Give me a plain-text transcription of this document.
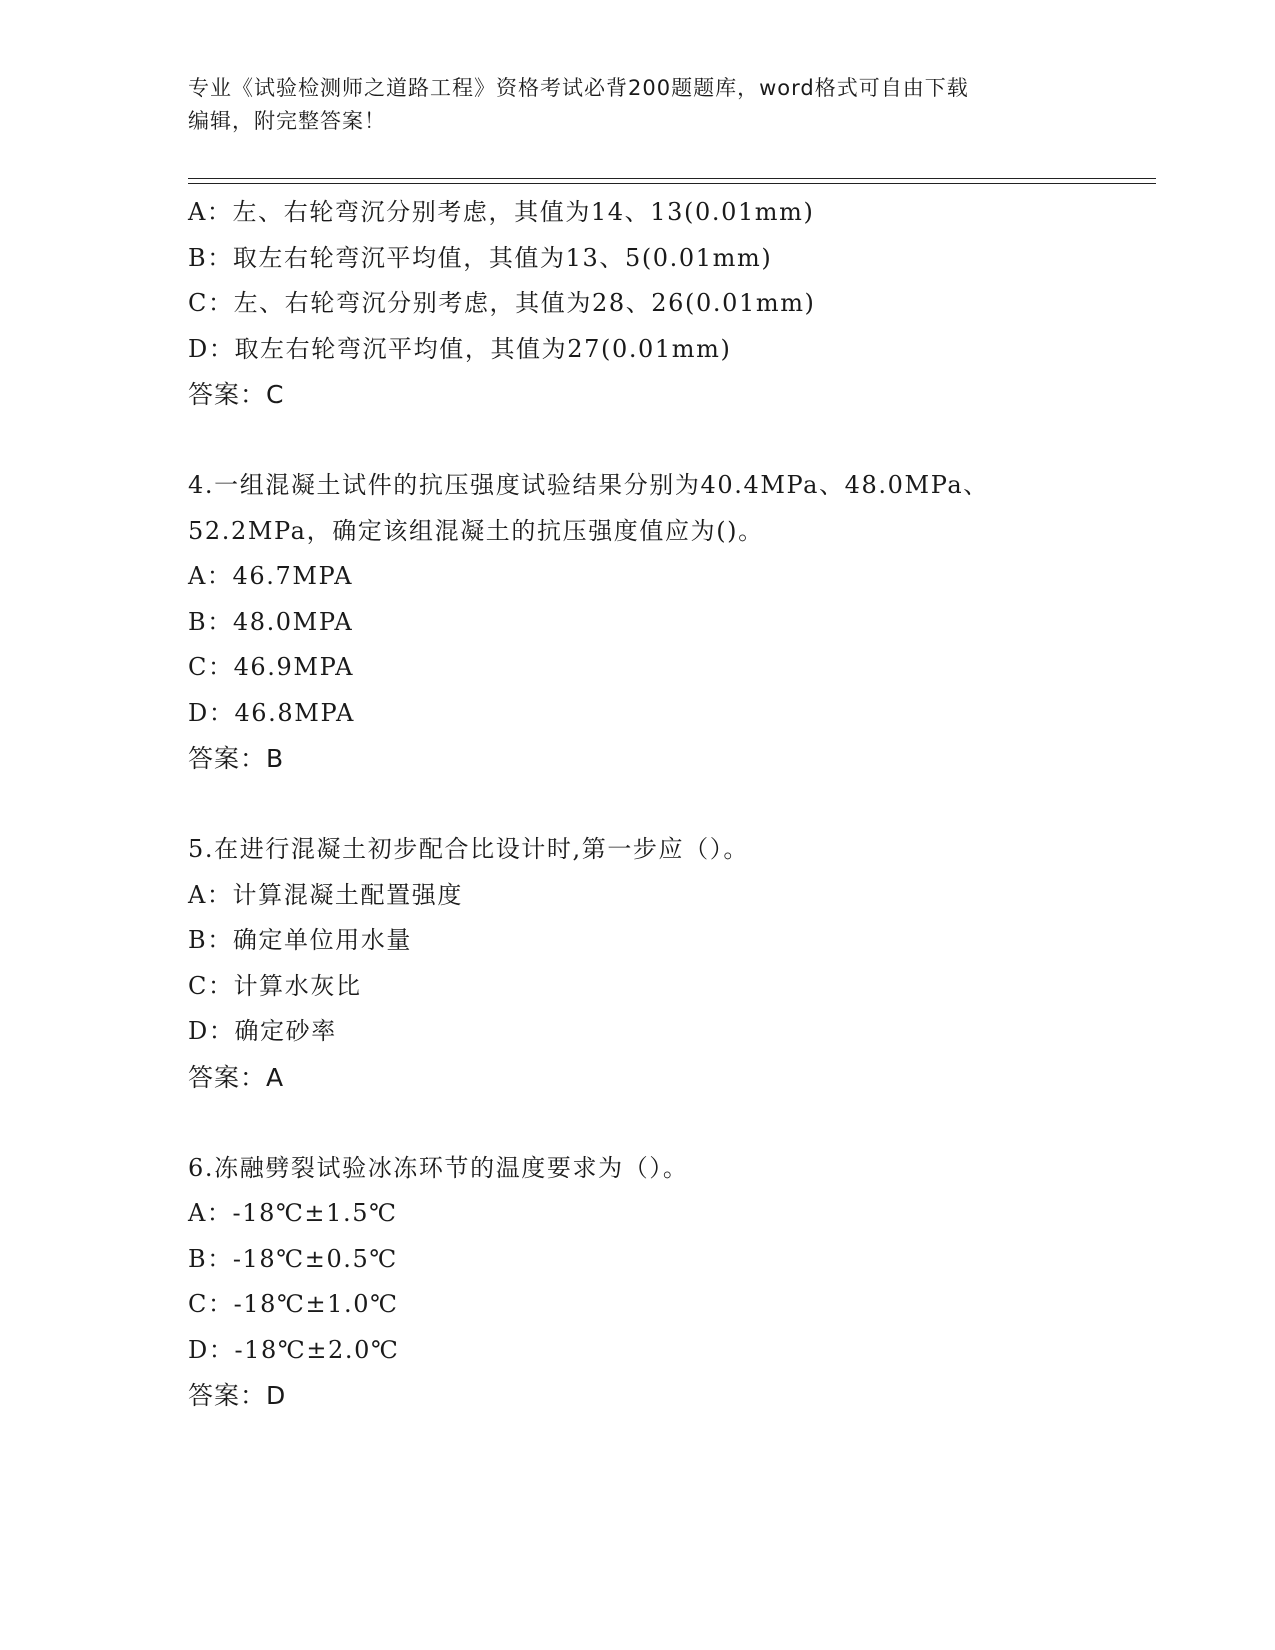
专业《试验检测师之道路工程》资格考试必背200题题库，word格式可自由下载
编辑，附完整答案！
A：左、右轮弯沉分别考虑，其值为14、13(0.01mm)
B：取左右轮弯沉平均值，其值为13、5(0.01mm)
C：左、右轮弯沉分别考虑，其值为28、26(0.01mm)
D：取左右轮弯沉平均值，其值为27(0.01mm)
答案：C
4.一组混凝土试件的抗压强度试验结果分别为40.4MPa、48.0MPa、
52.2MPa，确定该组混凝土的抗压强度值应为()。
A：46.7MPA
B：48.0MPA
C：46.9MPA
D：46.8MPA
答案：B
5.在进行混凝土初步配合比设计时,第一步应（）。
A：计算混凝土配置强度
B：确定单位用水量
C：计算水灰比
D：确定砂率
答案：A
6.冻融劈裂试验冰冻环节的温度要求为（）。
A：-18℃±1.5℃
B：-18℃±0.5℃
C：-18℃±1.0℃
D：-18℃±2.0℃
答案：D
